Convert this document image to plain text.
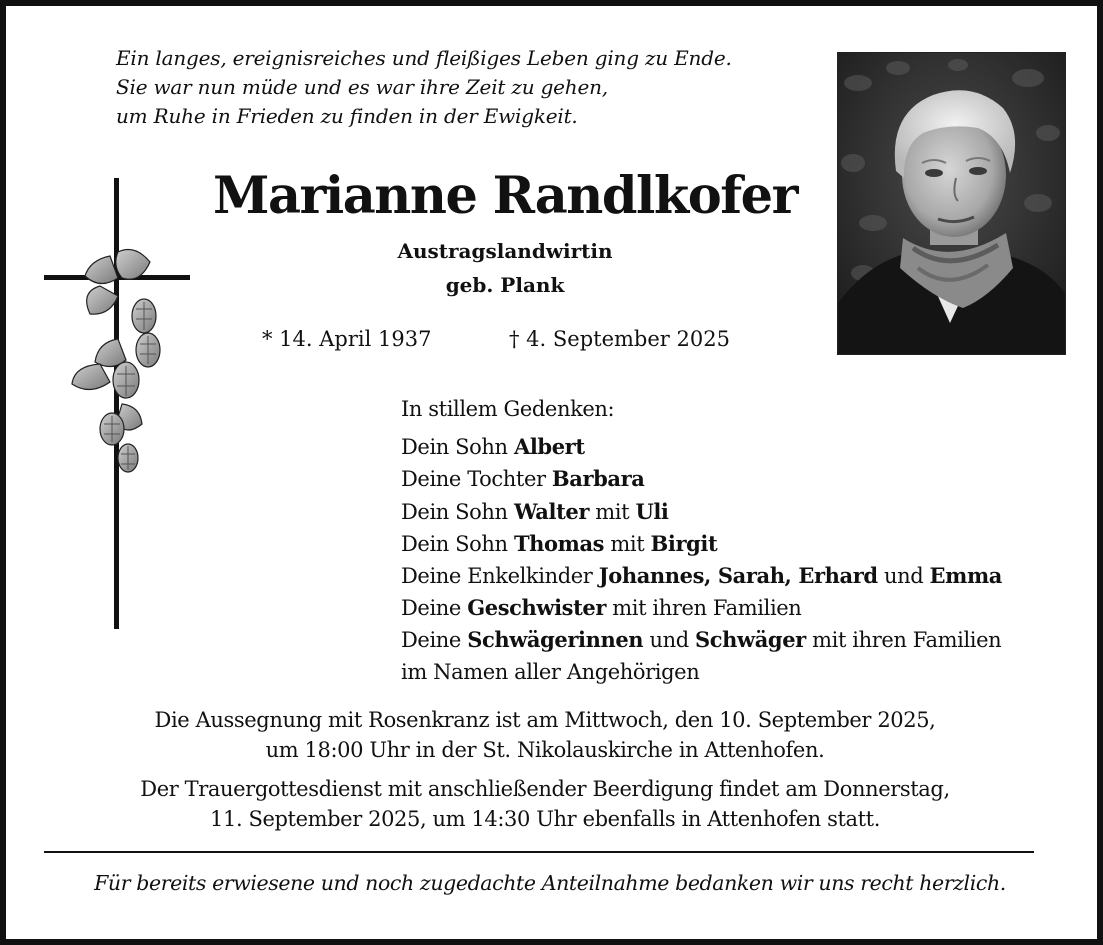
Ein langes, ereignisreiches und fleißiges Leben ging zu Ende.
Sie war nun müde und es war ihre Zeit zu gehen,
um Ruhe in Frieden zu finden in der Ewigkeit.
Marianne Randlkofer
Austragslandwirtin
geb. Plank
* 14. April 1937	† 4. September 2025
In stillem Gedenken:
Dein Sohn Albert
Deine Tochter Barbara
Dein Sohn Walter mit Uli
Dein Sohn Thomas mit Birgit
Deine Enkelkinder Johannes, Sarah, Erhard und Emma
Deine Geschwister mit ihren Familien
Deine Schwägerinnen und Schwäger mit ihren Familien
im Namen aller Angehörigen
Die Aussegnung mit Rosenkranz ist am Mittwoch, den 10. September 2025,
um 18:00 Uhr in der St. Nikolauskirche in Attenhofen.
Der Trauergottesdienst mit anschließender Beerdigung findet am Donnerstag,
11. September 2025, um 14:30 Uhr ebenfalls in Attenhofen statt.
Für bereits erwiesene und noch zugedachte Anteilnahme bedanken wir uns recht herzlich.
